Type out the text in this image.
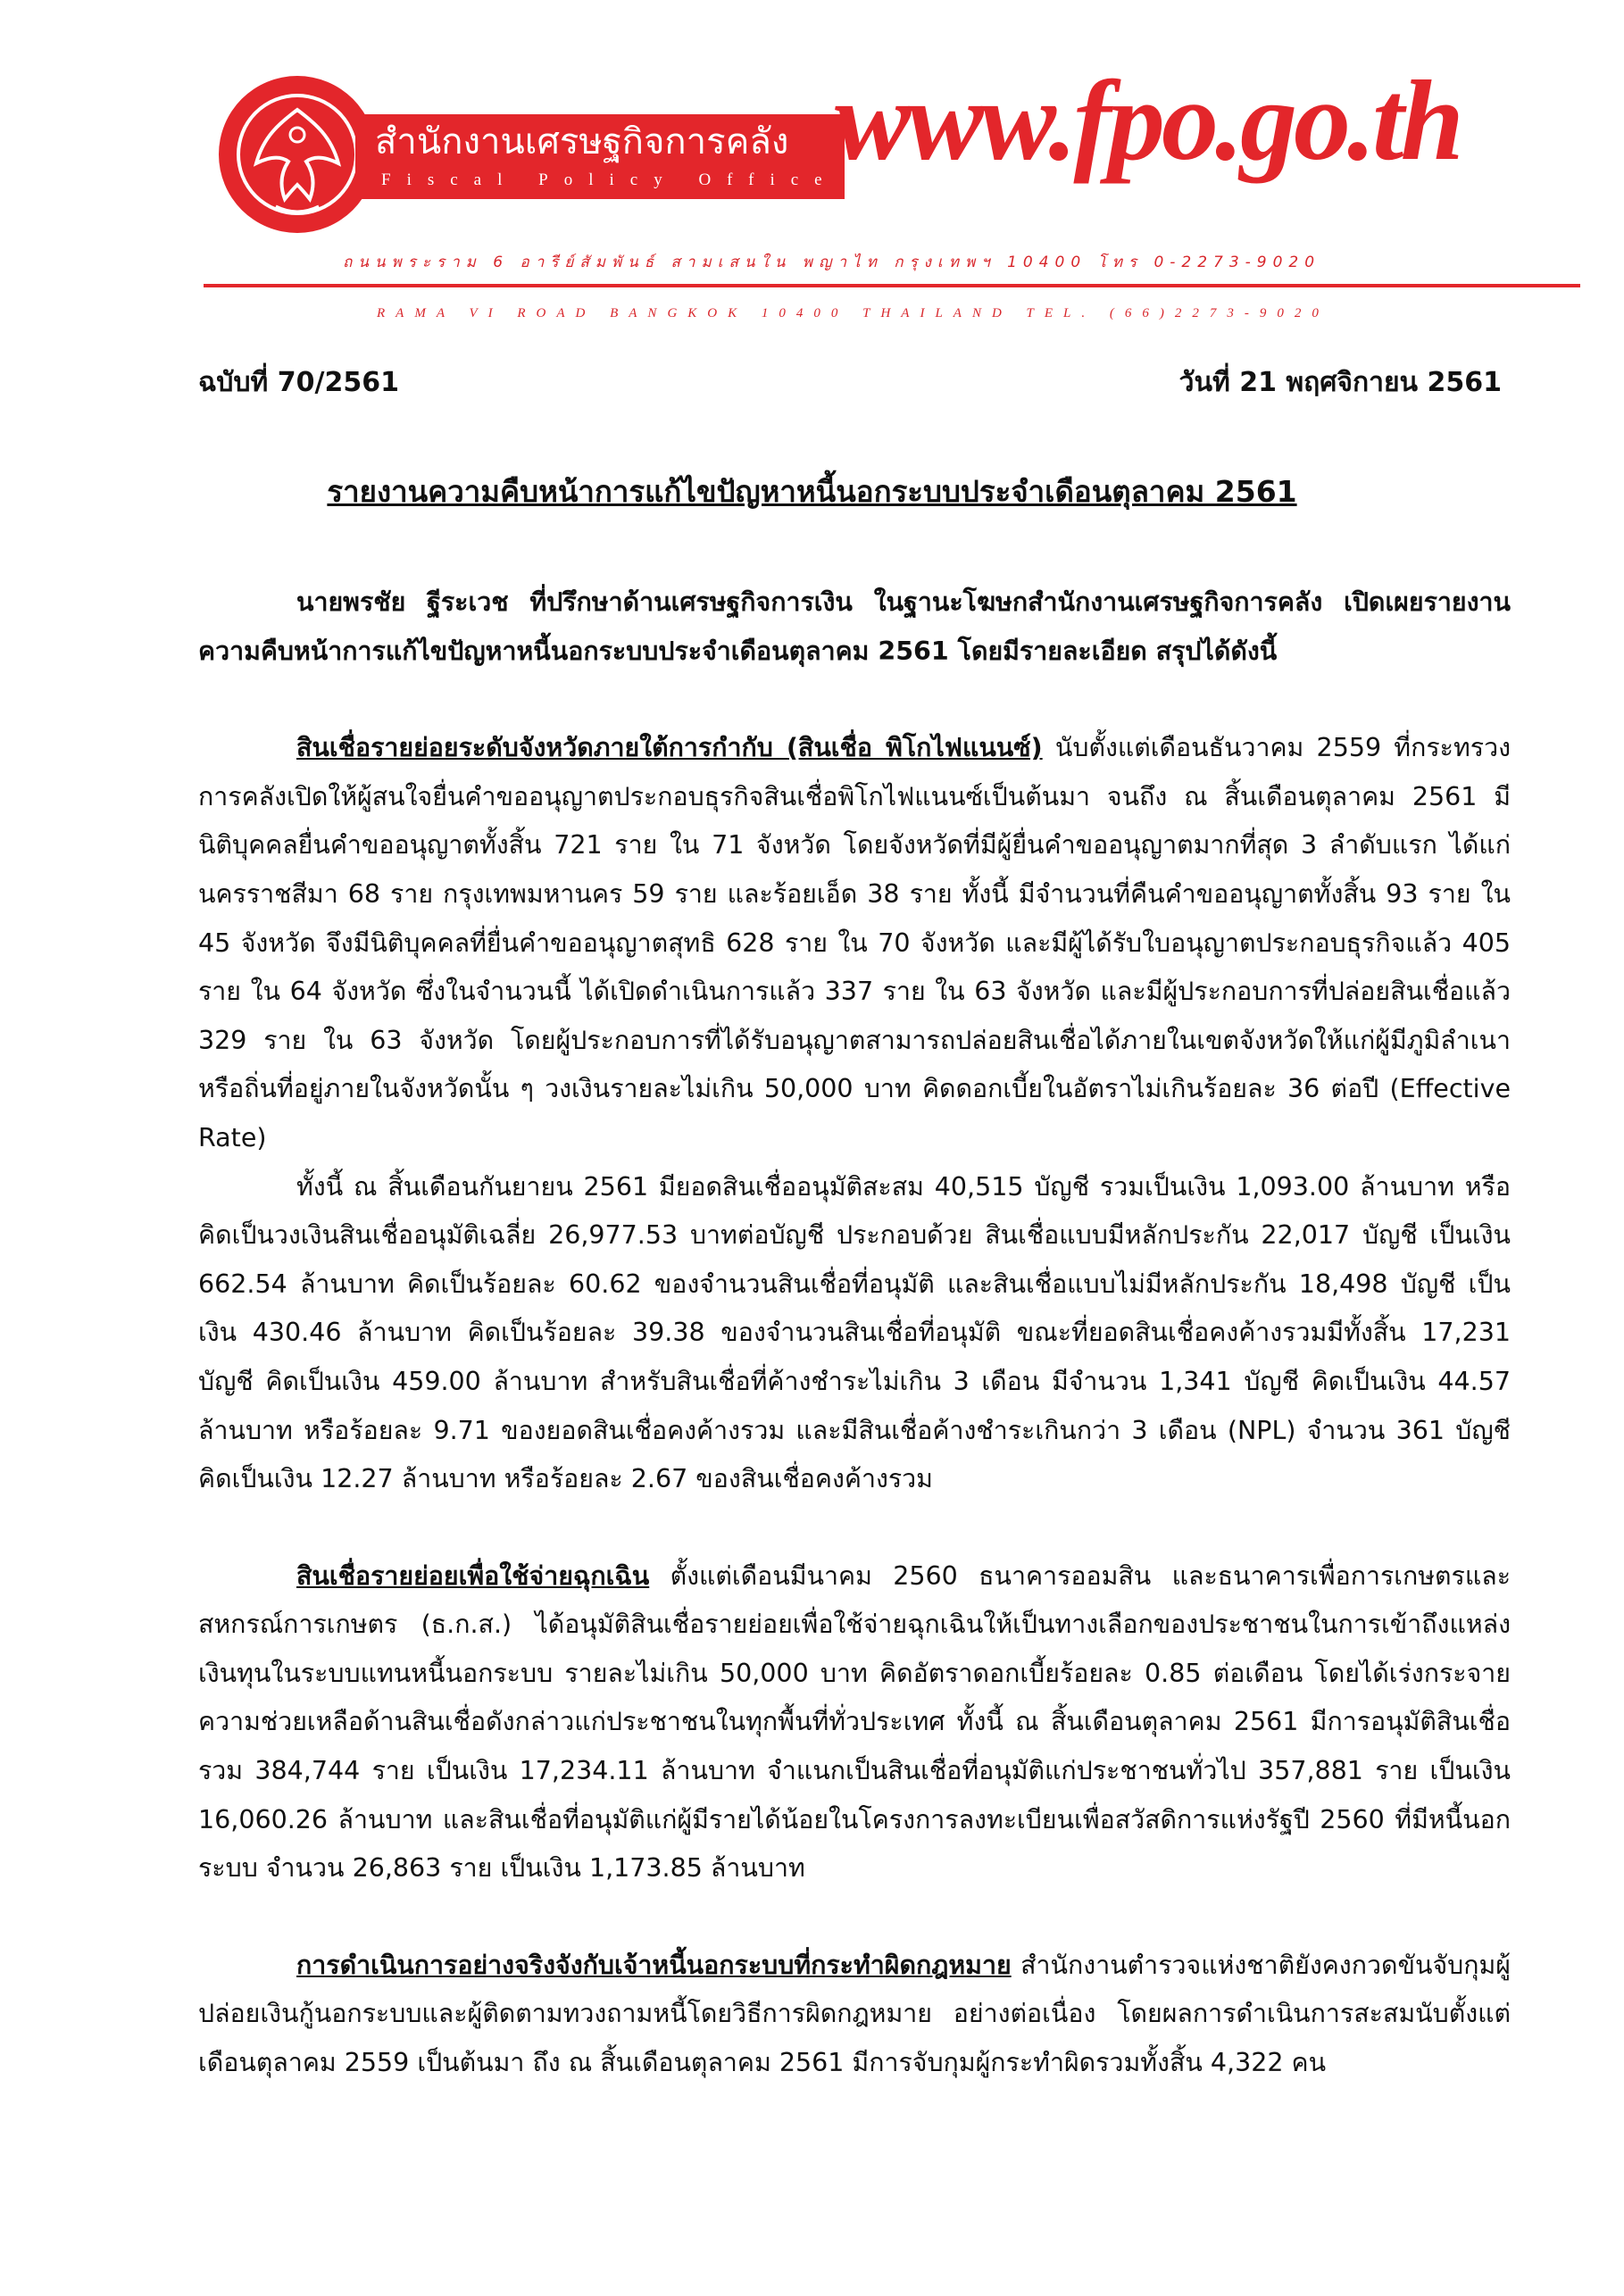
สำนักงานเศรษฐกิจการคลัง
Fiscal Policy Office
www.fpo.go.th
ถนนพระราม 6 อารีย์สัมพันธ์ สามเสนใน พญาไท กรุงเทพฯ 10400 โทร 0-2273-9020
RAMA VI ROAD BANGKOK 10400 THAILAND TEL. (66)2273-9020
ฉบับที่ 70/2561	วันที่ 21 พฤศจิกายน 2561
รายงานความคืบหน้าการแก้ไขปัญหาหนี้นอกระบบประจำเดือนตุลาคม 2561

นายพรชัย ฐีระเวช ที่ปรึกษาด้านเศรษฐกิจการเงิน ในฐานะโฆษกสำนักงานเศรษฐกิจการคลัง เปิดเผยรายงานความคืบหน้าการแก้ไขปัญหาหนี้นอกระบบประจำเดือนตุลาคม 2561 โดยมีรายละเอียด สรุปได้ดังนี้

สินเชื่อรายย่อยระดับจังหวัดภายใต้การกำกับ (สินเชื่อ พิโกไฟแนนซ์) นับตั้งแต่เดือนธันวาคม 2559 ที่กระทรวงการคลังเปิดให้ผู้สนใจยื่นคำขออนุญาตประกอบธุรกิจสินเชื่อพิโกไฟแนนซ์เป็นต้นมา จนถึง ณ สิ้นเดือนตุลาคม 2561 มีนิติบุคคลยื่นคำขออนุญาตทั้งสิ้น 721 ราย ใน 71 จังหวัด โดยจังหวัดที่มีผู้ยื่นคำขออนุญาตมากที่สุด 3 ลำดับแรก ได้แก่ นครราชสีมา 68 ราย กรุงเทพมหานคร 59 ราย และร้อยเอ็ด 38 ราย ทั้งนี้ มีจำนวนที่คืนคำขออนุญาตทั้งสิ้น 93 ราย ใน 45 จังหวัด จึงมีนิติบุคคลที่ยื่นคำขออนุญาตสุทธิ 628 ราย ใน 70 จังหวัด และมีผู้ได้รับใบอนุญาตประกอบธุรกิจแล้ว 405 ราย ใน 64 จังหวัด ซึ่งในจำนวนนี้ ได้เปิดดำเนินการแล้ว 337 ราย ใน 63 จังหวัด และมีผู้ประกอบการที่ปล่อยสินเชื่อแล้ว 329 ราย ใน 63 จังหวัด โดยผู้ประกอบการที่ได้รับอนุญาตสามารถปล่อยสินเชื่อได้ภายในเขตจังหวัดให้แก่ผู้มีภูมิลำเนาหรือถิ่นที่อยู่ภายในจังหวัดนั้น ๆ วงเงินรายละไม่เกิน 50,000 บาท คิดดอกเบี้ยในอัตราไม่เกินร้อยละ 36 ต่อปี (Effective Rate)

ทั้งนี้ ณ สิ้นเดือนกันยายน 2561 มียอดสินเชื่ออนุมัติสะสม 40,515 บัญชี รวมเป็นเงิน 1,093.00 ล้านบาท หรือคิดเป็นวงเงินสินเชื่ออนุมัติเฉลี่ย 26,977.53 บาทต่อบัญชี ประกอบด้วย สินเชื่อแบบมีหลักประกัน 22,017 บัญชี เป็นเงิน 662.54 ล้านบาท คิดเป็นร้อยละ 60.62 ของจำนวนสินเชื่อที่อนุมัติ และสินเชื่อแบบไม่มีหลักประกัน 18,498 บัญชี เป็นเงิน 430.46 ล้านบาท คิดเป็นร้อยละ 39.38 ของจำนวนสินเชื่อที่อนุมัติ ขณะที่ยอดสินเชื่อคงค้างรวมมีทั้งสิ้น 17,231 บัญชี คิดเป็นเงิน 459.00 ล้านบาท สำหรับสินเชื่อที่ค้างชำระไม่เกิน 3 เดือน มีจำนวน 1,341 บัญชี คิดเป็นเงิน 44.57 ล้านบาท หรือร้อยละ 9.71 ของยอดสินเชื่อคงค้างรวม และมีสินเชื่อค้างชำระเกินกว่า 3 เดือน (NPL) จำนวน 361 บัญชี คิดเป็นเงิน 12.27 ล้านบาท หรือร้อยละ 2.67 ของสินเชื่อคงค้างรวม

สินเชื่อรายย่อยเพื่อใช้จ่ายฉุกเฉิน ตั้งแต่เดือนมีนาคม 2560 ธนาคารออมสิน และธนาคารเพื่อการเกษตรและสหกรณ์การเกษตร (ธ.ก.ส.) ได้อนุมัติสินเชื่อรายย่อยเพื่อใช้จ่ายฉุกเฉินให้เป็นทางเลือกของประชาชนในการเข้าถึงแหล่งเงินทุนในระบบแทนหนี้นอกระบบ รายละไม่เกิน 50,000 บาท คิดอัตราดอกเบี้ยร้อยละ 0.85 ต่อเดือน โดยได้เร่งกระจายความช่วยเหลือด้านสินเชื่อดังกล่าวแก่ประชาชนในทุกพื้นที่ทั่วประเทศ ทั้งนี้ ณ สิ้นเดือนตุลาคม 2561 มีการอนุมัติสินเชื่อรวม 384,744 ราย เป็นเงิน 17,234.11 ล้านบาท จำแนกเป็นสินเชื่อที่อนุมัติแก่ประชาชนทั่วไป 357,881 ราย เป็นเงิน 16,060.26 ล้านบาท และสินเชื่อที่อนุมัติแก่ผู้มีรายได้น้อยในโครงการลงทะเบียนเพื่อสวัสดิการแห่งรัฐปี 2560 ที่มีหนี้นอกระบบ จำนวน 26,863 ราย เป็นเงิน 1,173.85 ล้านบาท

การดำเนินการอย่างจริงจังกับเจ้าหนี้นอกระบบที่กระทำผิดกฎหมาย สำนักงานตำรวจแห่งชาติยังคงกวดขันจับกุมผู้ปล่อยเงินกู้นอกระบบและผู้ติดตามทวงถามหนี้โดยวิธีการผิดกฎหมาย อย่างต่อเนื่อง โดยผลการดำเนินการสะสมนับตั้งแต่เดือนตุลาคม 2559 เป็นต้นมา ถึง ณ สิ้นเดือนตุลาคม 2561 มีการจับกุมผู้กระทำผิดรวมทั้งสิ้น 4,322 คน
